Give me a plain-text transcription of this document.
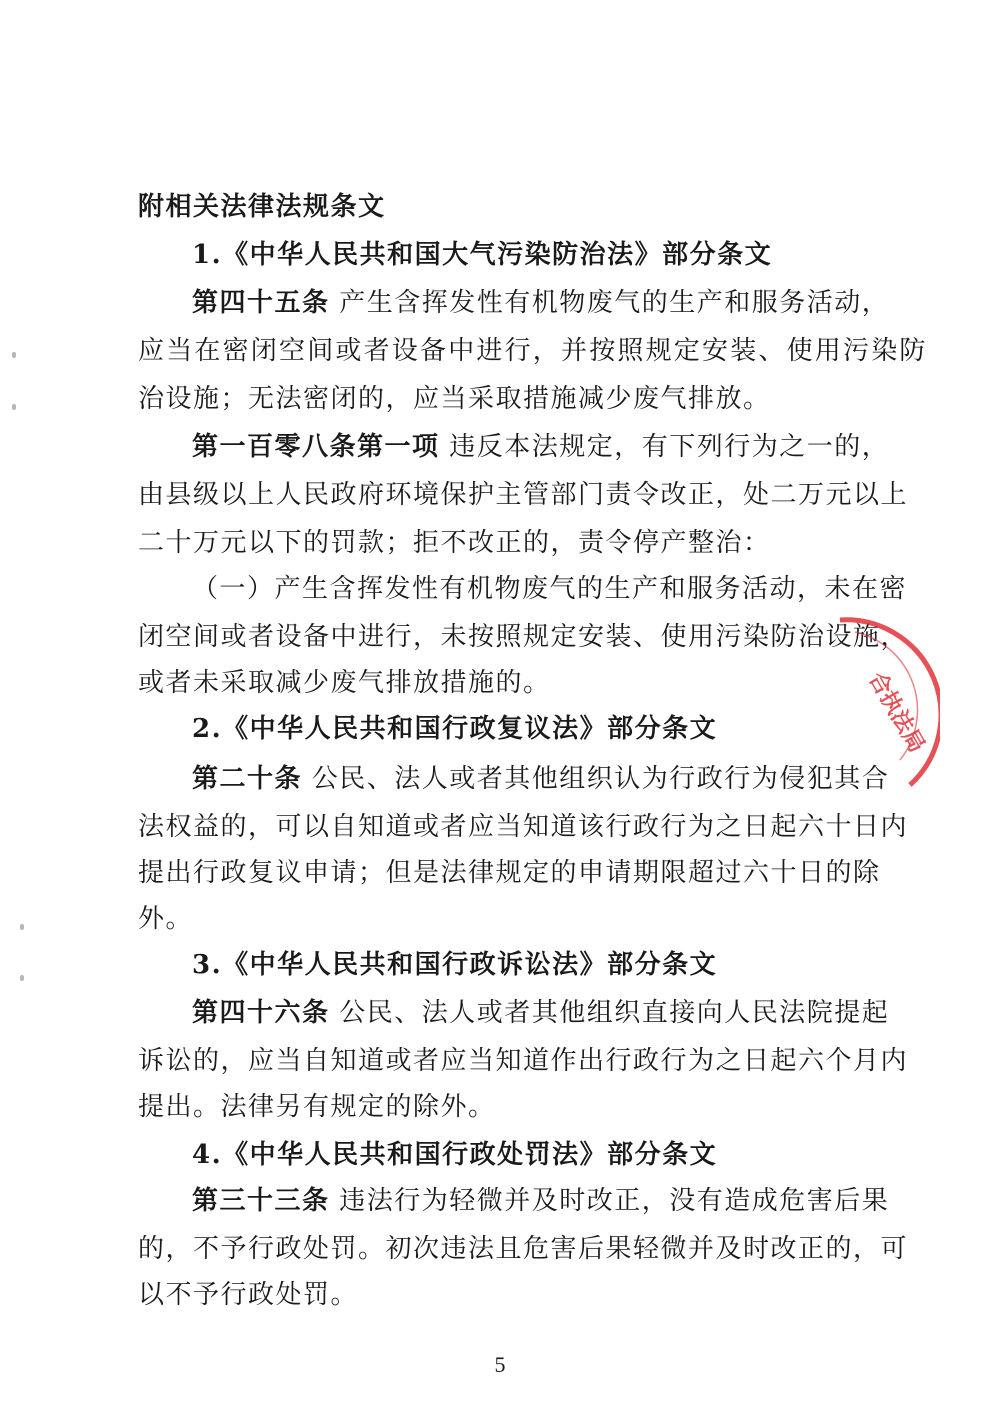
附相关法律法规条文
1.《中华人民共和国大气污染防治法》部分条文
第四十五条 产生含挥发性有机物废气的生产和服务活动，
应当在密闭空间或者设备中进行，并按照规定安装、使用污染防
治设施；无法密闭的，应当采取措施减少废气排放。
第一百零八条第一项 违反本法规定，有下列行为之一的，
由县级以上人民政府环境保护主管部门责令改正，处二万元以上
二十万元以下的罚款；拒不改正的，责令停产整治：
（一）产生含挥发性有机物废气的生产和服务活动，未在密
闭空间或者设备中进行，未按照规定安装、使用污染防治设施，
或者未采取减少废气排放措施的。
2.《中华人民共和国行政复议法》部分条文
第二十条 公民、法人或者其他组织认为行政行为侵犯其合
法权益的，可以自知道或者应当知道该行政行为之日起六十日内
提出行政复议申请；但是法律规定的申请期限超过六十日的除
外。
3.《中华人民共和国行政诉讼法》部分条文
第四十六条 公民、法人或者其他组织直接向人民法院提起
诉讼的，应当自知道或者应当知道作出行政行为之日起六个月内
提出。法律另有规定的除外。
4.《中华人民共和国行政处罚法》部分条文
第三十三条 违法行为轻微并及时改正，没有造成危害后果
的，不予行政处罚。初次违法且危害后果轻微并及时改正的，可
以不予行政处罚。
5
合执法局
